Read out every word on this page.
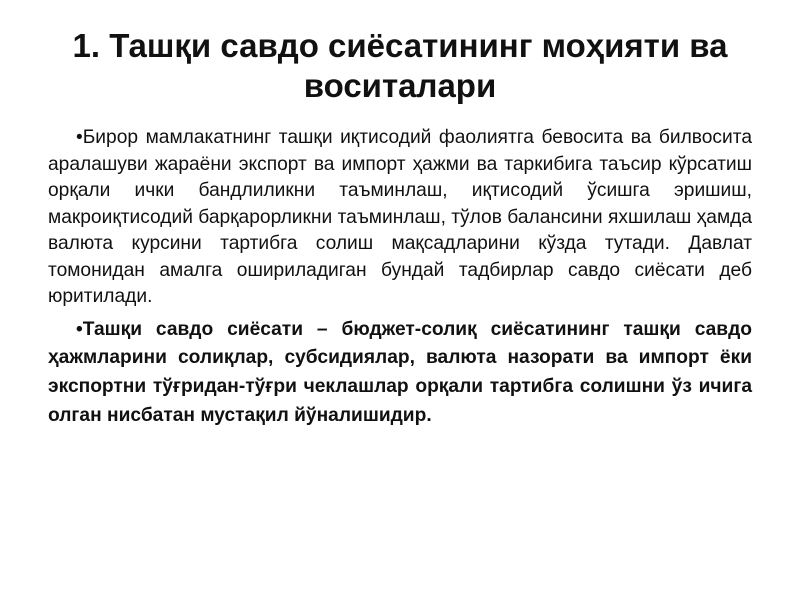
1. Ташқи савдо сиёсатининг моҳияти ва воситалари

•Бирор мамлакатнинг ташқи иқтисодий фаолиятга бевосита ва билвосита аралашуви жараёни экспорт ва импорт ҳажми ва таркибига таъсир кўрсатиш орқали ички бандлиликни таъминлаш, иқтисодий ўсишга эришиш, макроиқтисодий барқарорликни таъминлаш, тўлов балансини яхшилаш ҳамда валюта курсини тартибга солиш мақсадларини кўзда тутади. Давлат томонидан амалга ошириладиган бундай тадбирлар савдо сиёсати деб юритилади.

•Ташқи савдо сиёсати – бюджет-солиқ сиёсатининг ташқи савдо ҳажмларини солиқлар, субсидиялар, валюта назорати ва импорт ёки экспортни тўғридан-тўғри чеклашлар орқали тартибга солишни ўз ичига олган нисбатан мустақил йўналишидир.
